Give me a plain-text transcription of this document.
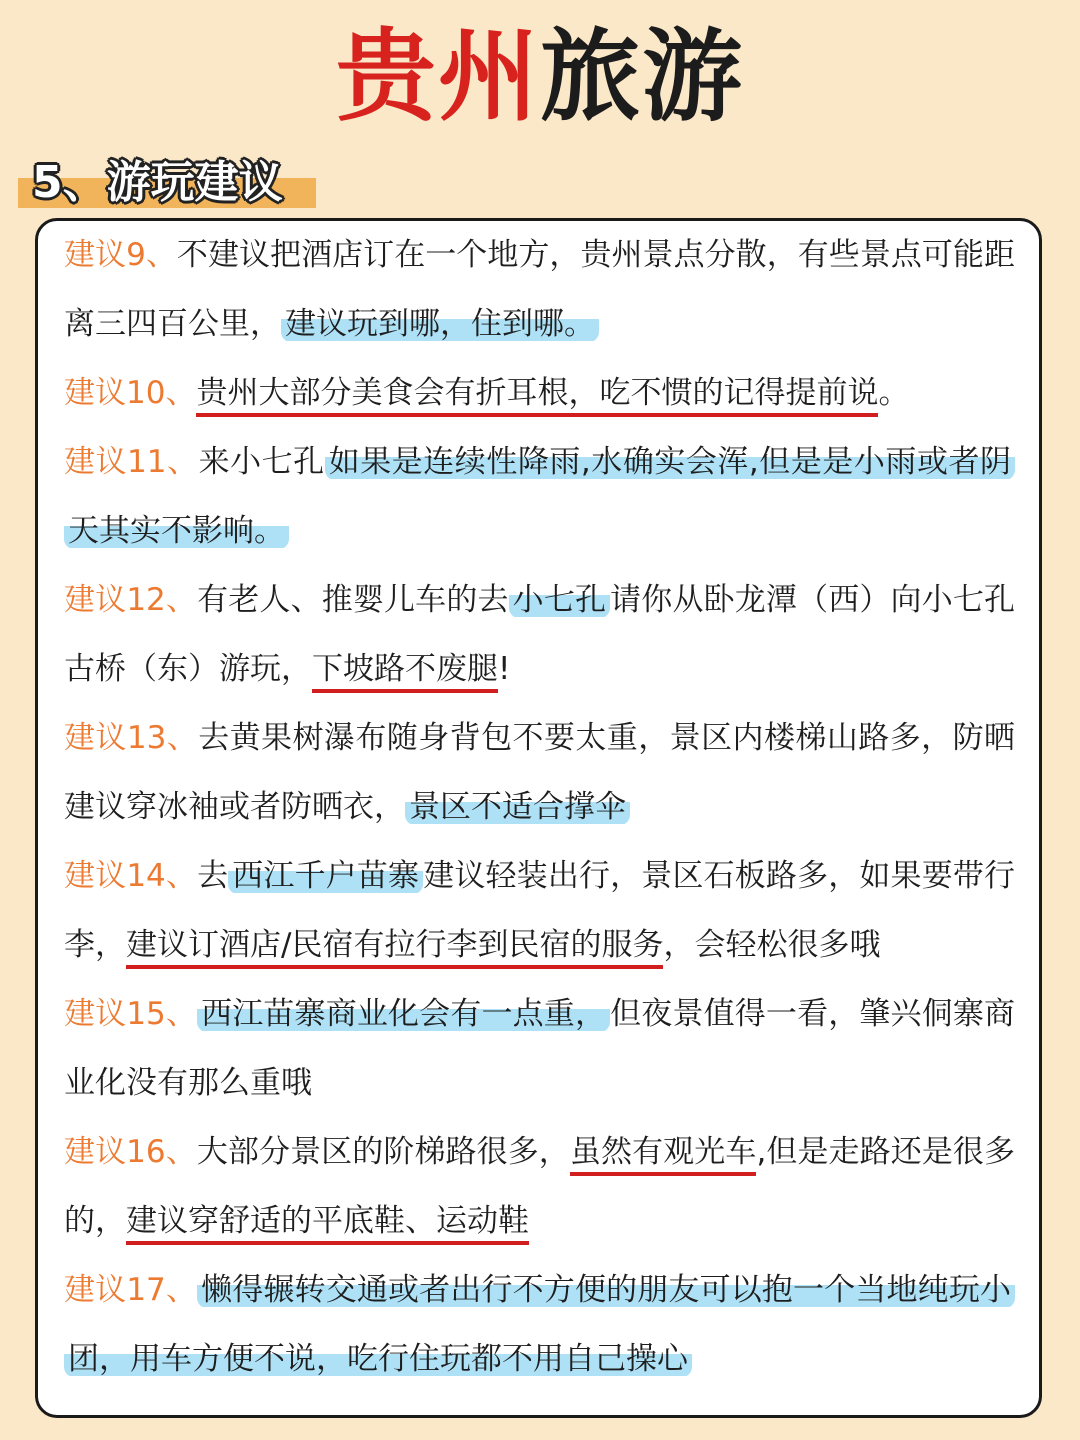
贵州旅游
5、游玩建议

建议9、不建议把酒店订在一个地方，贵州景点分散，有些景点可能距离三四百公里， 建议玩到哪，住到哪。

建议10、贵州大部分美食会有折耳根，吃不惯的记得提前说。

建议11、来小七孔 如果是连续性降雨,水确实会浑,但是是小雨或者阴天其实不影响。

建议12、有老人、推婴儿车的去 小七孔 请你从卧龙潭（西）向小七孔古桥（东）游玩，下坡路不废腿!

建议13、去黄果树瀑布随身背包不要太重，景区内楼梯山路多，防晒建议穿冰袖或者防晒衣， 景区不适合撑伞

建议14、去 西江千户苗寨 建议轻装出行，景区石板路多，如果要带行李，建议订酒店/民宿有拉行李到民宿的服务，会轻松很多哦

建议15、 西江苗寨商业化会有一点重， 但夜景值得一看，肇兴侗寨商业化没有那么重哦

建议16、大部分景区的阶梯路很多，虽然有观光车,但是走路还是很多的，建议穿舒适的平底鞋、运动鞋

建议17、 懒得辗转交通或者出行不方便的朋友可以抱一个当地纯玩小团，用车方便不说，吃行住玩都不用自己操心
